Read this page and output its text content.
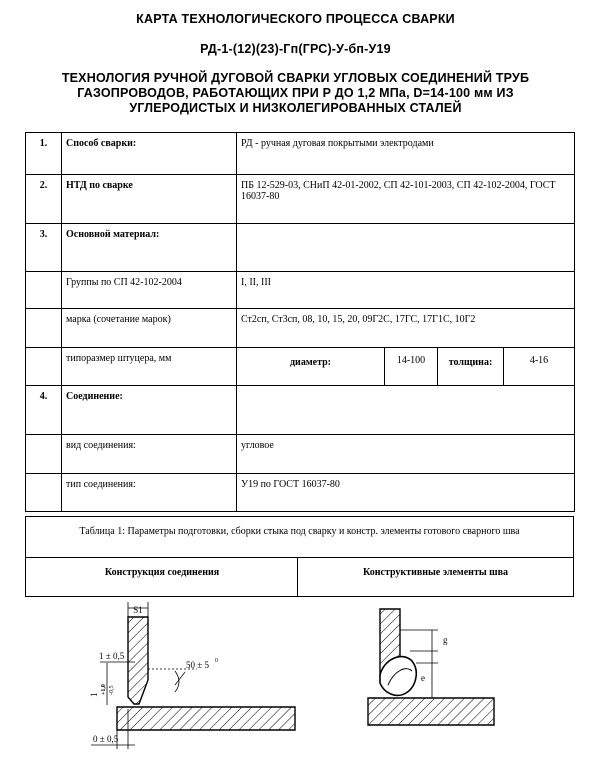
КАРТА ТЕХНОЛОГИЧЕСКОГО ПРОЦЕССА СВАРКИ
РД-1-(12)(23)-Гп(ГРС)-У-бп-У19
ТЕХНОЛОГИЯ РУЧНОЙ ДУГОВОЙ СВАРКИ УГЛОВЫХ СОЕДИНЕНИЙ ТРУБ
ГАЗОПРОВОДОВ, РАБОТАЮЩИХ ПРИ Р ДО 1,2 МПа, D=14-100 мм ИЗ
УГЛЕРОДИСТЫХ И НИЗКОЛЕГИРОВАННЫХ СТАЛЕЙ
1.	Способ сварки:	РД - ручная дуговая покрытыми электродами
2.	НТД по сварке	ПБ 12-529-03, СНиП 42-01-2002, СП 42-101-2003, СП 42-102-2004, ГОСТ 16037-80
3.	Основной материал:	
	Группы по СП 42-102-2004	I, II, III
	марка (сочетание марок)	Ст2сп, Ст3сп, 08, 10, 15, 20, 09Г2С, 17ГС, 17Г1С, 10Г2
	типоразмер штуцера, мм	диаметр: 14-100 толщина: 4-16

4.	Соединение:	
	вид соединения:	угловое
	тип соединения:	У19 по ГОСТ 16037-80
Таблица 1: Параметры подготовки, сборки стыка под сварку и констр. элементы готового сварного шва
Конструкция соединения	Конструктивные элементы шва
S1
1 ± 0,5
1 +1,0 -0,5
50 ± 5 0
0 ± 0,5
g
e
